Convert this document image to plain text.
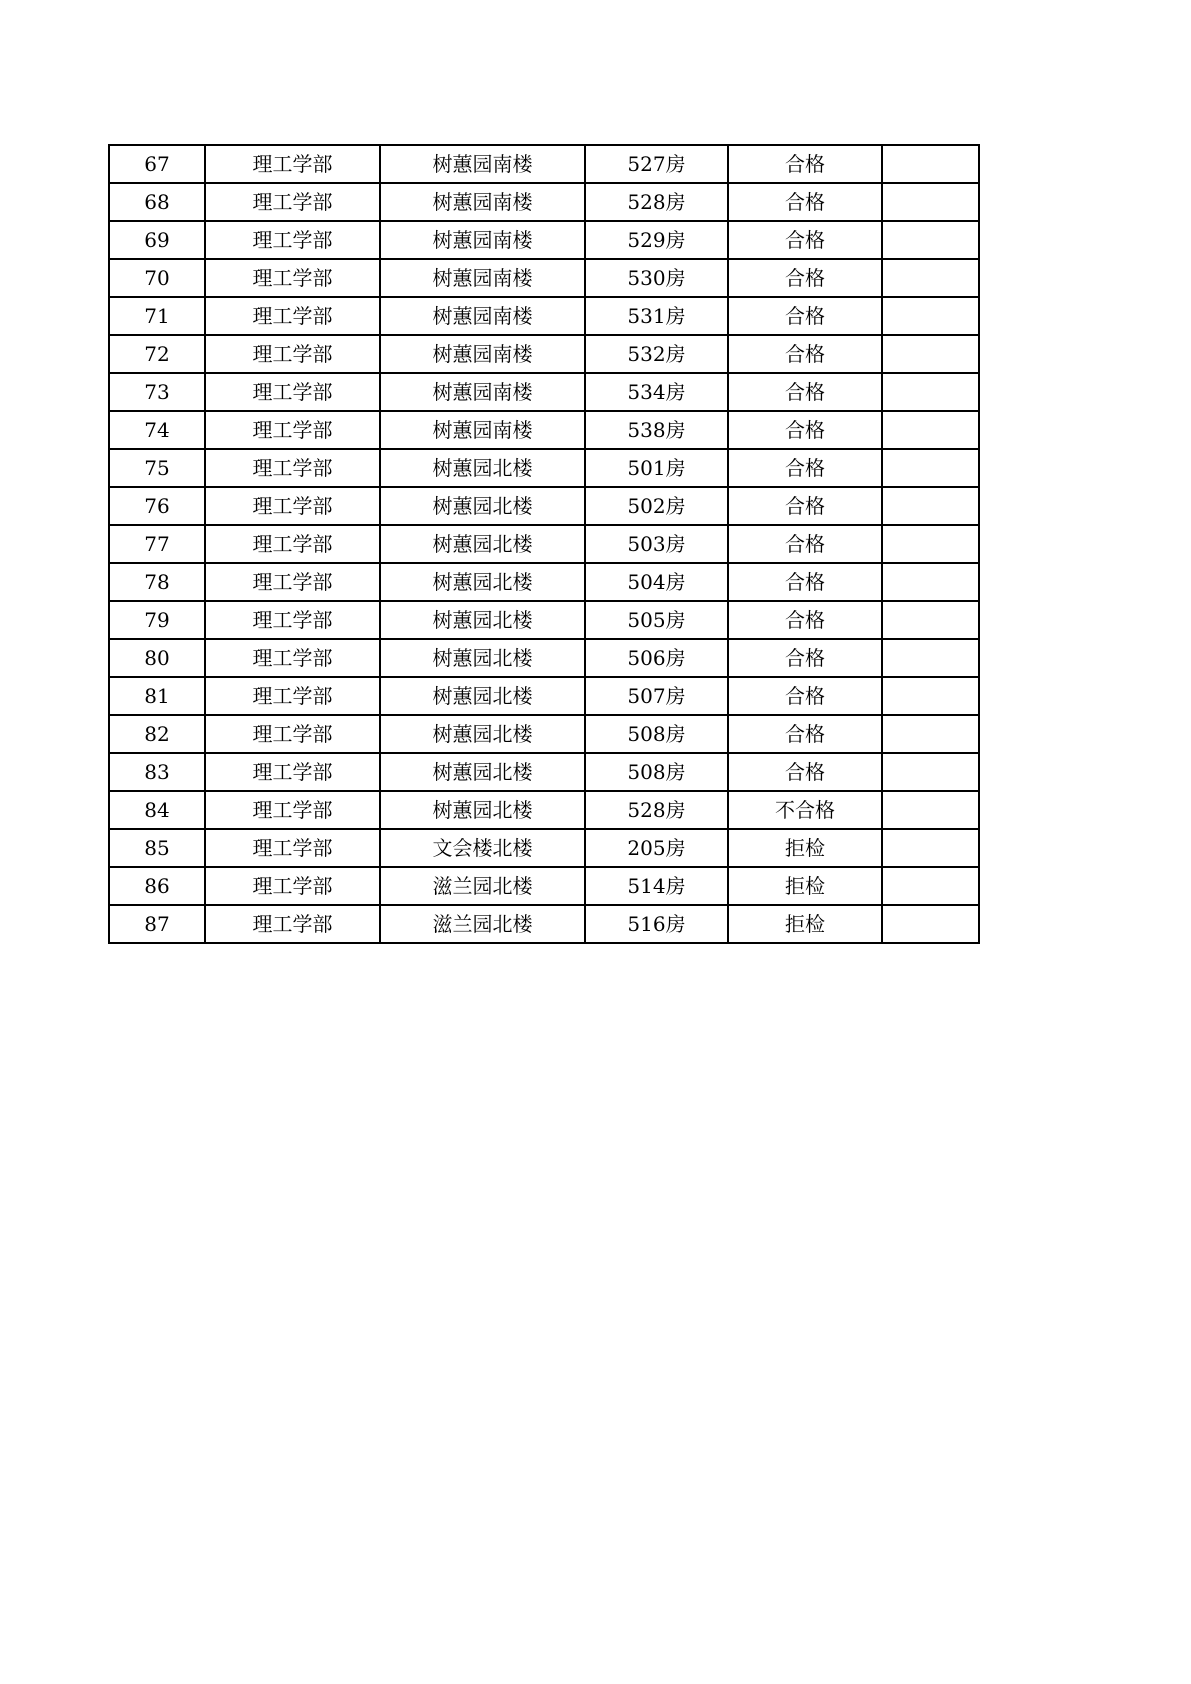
67	理工学部	树蕙园南楼	527房	合格	
68	理工学部	树蕙园南楼	528房	合格	
69	理工学部	树蕙园南楼	529房	合格	
70	理工学部	树蕙园南楼	530房	合格	
71	理工学部	树蕙园南楼	531房	合格	
72	理工学部	树蕙园南楼	532房	合格	
73	理工学部	树蕙园南楼	534房	合格	
74	理工学部	树蕙园南楼	538房	合格	
75	理工学部	树蕙园北楼	501房	合格	
76	理工学部	树蕙园北楼	502房	合格	
77	理工学部	树蕙园北楼	503房	合格	
78	理工学部	树蕙园北楼	504房	合格	
79	理工学部	树蕙园北楼	505房	合格	
80	理工学部	树蕙园北楼	506房	合格	
81	理工学部	树蕙园北楼	507房	合格	
82	理工学部	树蕙园北楼	508房	合格	
83	理工学部	树蕙园北楼	508房	合格	
84	理工学部	树蕙园北楼	528房	不合格	
85	理工学部	文会楼北楼	205房	拒检	
86	理工学部	滋兰园北楼	514房	拒检	
87	理工学部	滋兰园北楼	516房	拒检	
